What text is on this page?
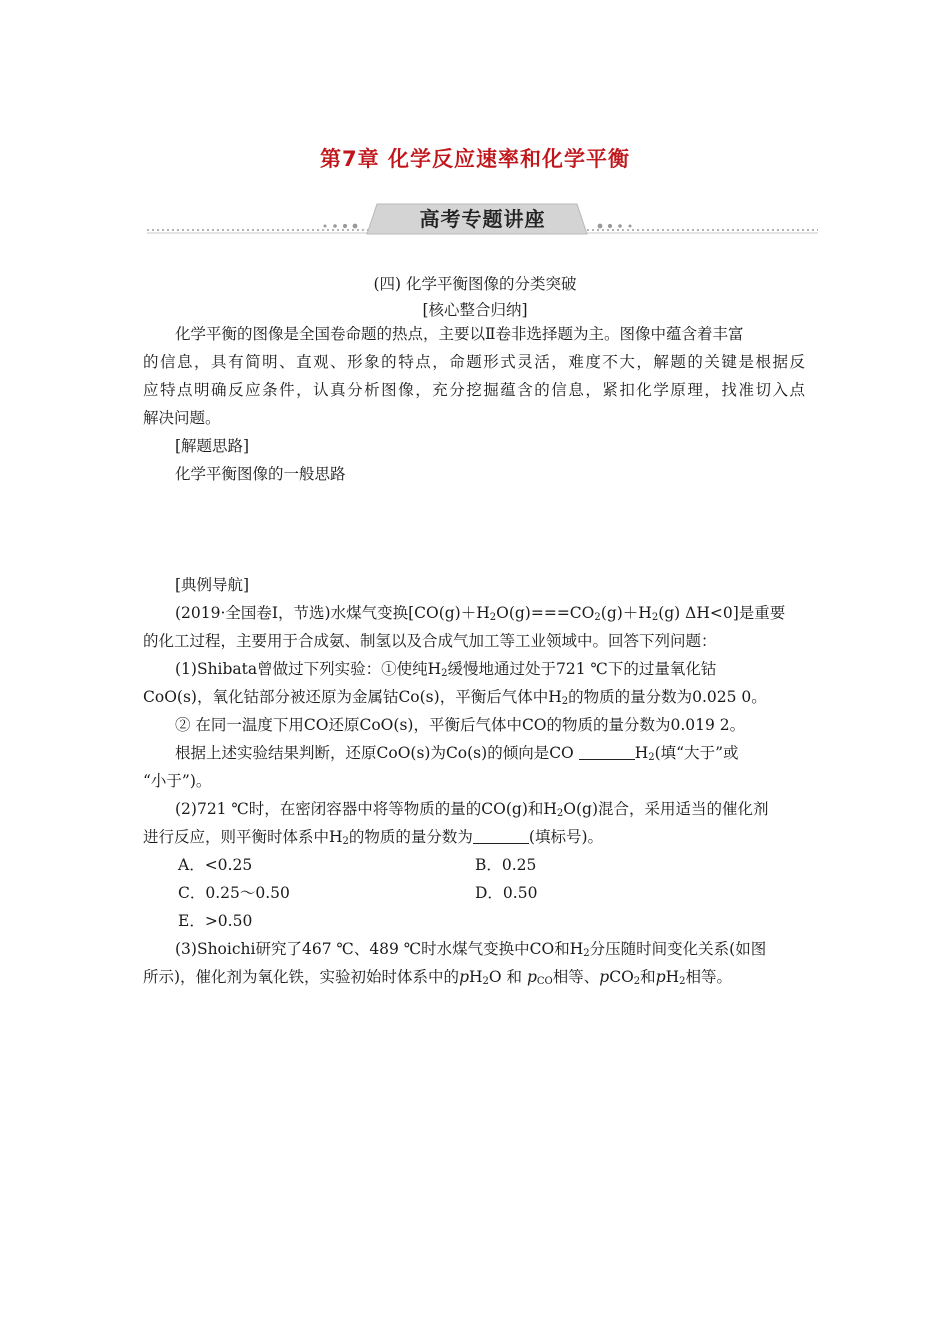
第7章 化学反应速率和化学平衡
高考专题讲座
(四) 化学平衡图像的分类突破
[核心整合归纳]
化学平衡的图像是全国卷命题的热点，主要以Ⅱ卷非选择题为主。图像中蕴含着丰富
的信息，具有简明、直观、形象的特点，命题形式灵活，难度不大，解题的关键是根据反
应特点明确反应条件，认真分析图像，充分挖掘蕴含的信息，紧扣化学原理，找准切入点
解决问题。
[解题思路]
化学平衡图像的一般思路
[典例导航]
(2019·全国卷Ⅰ，节选)水煤气变换[$CO(g)+H_2O(g)===CO_2(g)+H_2(g)$ ΔH<0]是重要
的化工过程，主要用于合成氨、制氢以及合成气加工等工业领域中。回答下列问题：
(1)Shibata曾做过下列实验：①使纯$H_2$缓慢地通过处于721 ℃下的过量氧化钴
CoO(s)，氧化钴部分被还原为金属钴Co(s)，平衡后气体中$H_2$的物质的量分数为0.025 0。
② 在同一温度下用CO还原CoO(s)，平衡后气体中CO的物质的量分数为0.019 2。
根据上述实验结果判断，还原CoO(s)为Co(s)的倾向是CO	$H_2$(填“大于”或
“小于”)。
(2)721 ℃时，在密闭容器中将等物质的量的CO(g)和$H_2O(g)$混合，采用适当的催化剂
进行反应，则平衡时体系中$H_2$的物质的量分数为	(填标号)。
A．<0.25	B．0.25
C．0.25～0.50	D．0.50
E．>0.50
(3)Shoichi研究了467 ℃、489 ℃时水煤气变换中CO和$H_2$分压随时间变化关系(如图
所示)，催化剂为氧化铁，实验初始时体系中的$pH_2O$ 和 $p_{CO}$相等、pCO$_2$和$pH_2$相等。
